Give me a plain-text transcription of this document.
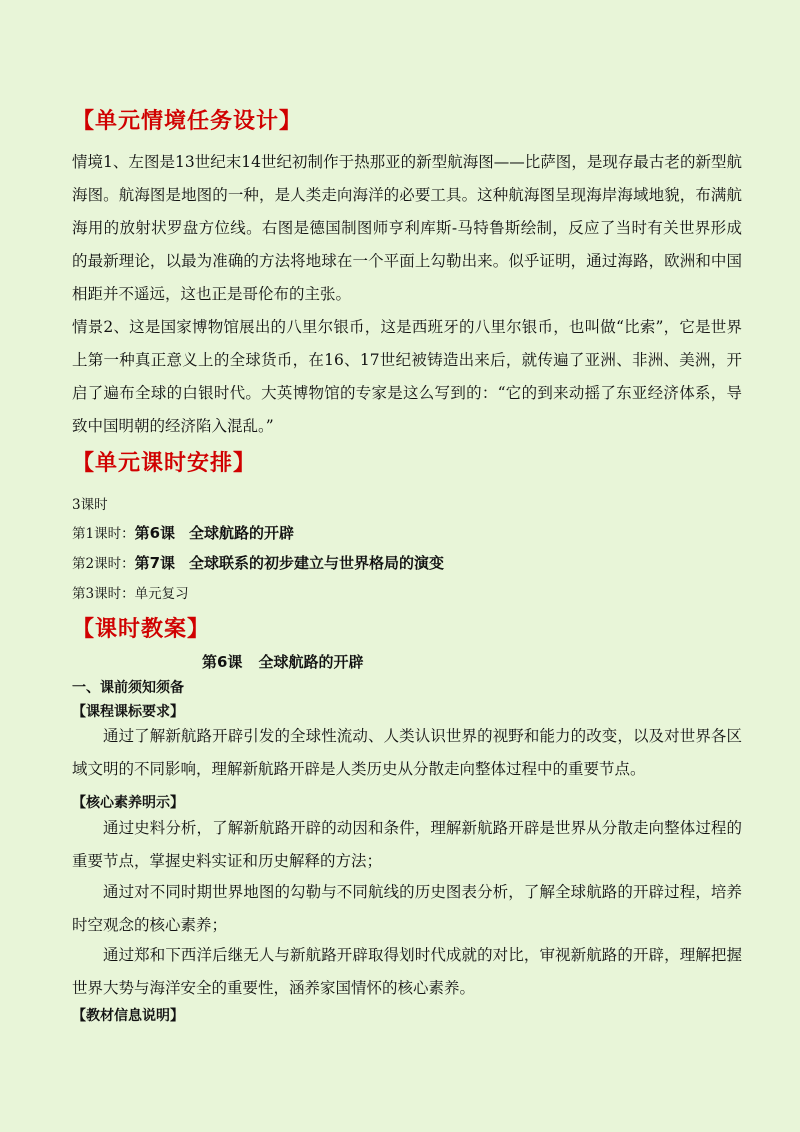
【单元情境任务设计】
情境1、左图是13世纪末14世纪初制作于热那亚的新型航海图——比萨图，是现存最古老的新型航海图。航海图是地图的一种，是人类走向海洋的必要工具。这种航海图呈现海岸海域地貌，布满航海用的放射状罗盘方位线。右图是德国制图师亨利库斯-马特鲁斯绘制，反应了当时有关世界形成的最新理论，以最为准确的方法将地球在一个平面上勾勒出来。似乎证明，通过海路，欧洲和中国相距并不遥远，这也正是哥伦布的主张。
情景2、这是国家博物馆展出的八里尔银币，这是西班牙的八里尔银币，也叫做“比索”，它是世界上第一种真正意义上的全球货币，在16、17世纪被铸造出来后，就传遍了亚洲、非洲、美洲，开启了遍布全球的白银时代。大英博物馆的专家是这么写到的：“它的到来动摇了东亚经济体系，导致中国明朝的经济陷入混乱。”
【单元课时安排】
3课时
第1课时：第6课 全球航路的开辟
第2课时：第7课 全球联系的初步建立与世界格局的演变
第3课时：单元复习
【课时教案】
第6课 全球航路的开辟
一、课前须知须备
【课程课标要求】
通过了解新航路开辟引发的全球性流动、人类认识世界的视野和能力的改变，以及对世界各区域文明的不同影响，理解新航路开辟是人类历史从分散走向整体过程中的重要节点。
【核心素养明示】
通过史料分析，了解新航路开辟的动因和条件，理解新航路开辟是世界从分散走向整体过程的重要节点，掌握史料实证和历史解释的方法；
通过对不同时期世界地图的勾勒与不同航线的历史图表分析，了解全球航路的开辟过程，培养时空观念的核心素养；
通过郑和下西洋后继无人与新航路开辟取得划时代成就的对比，审视新航路的开辟，理解把握世界大势与海洋安全的重要性，涵养家国情怀的核心素养。
【教材信息说明】
